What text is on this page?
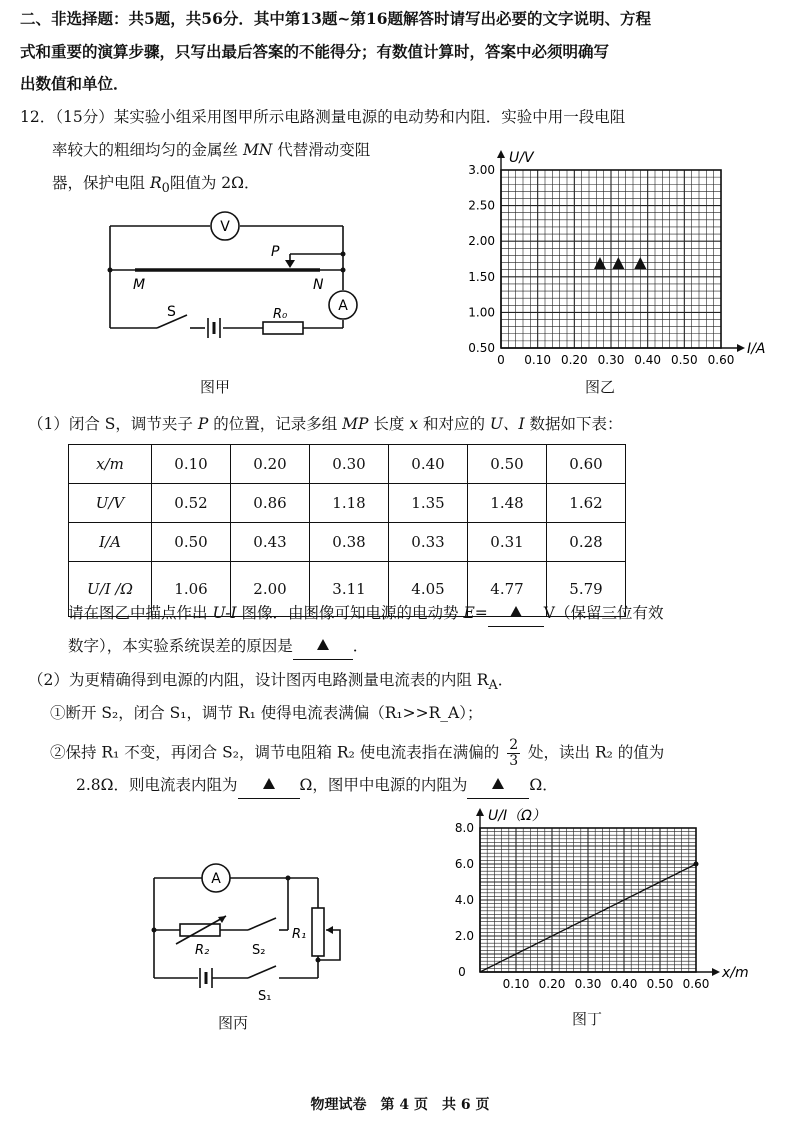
二、非选择题：共5题，共56分．其中第13题~第16题解答时请写出必要的文字说明、方程
式和重要的演算步骤，只写出最后答案的不能得分；有数值计算时，答案中必须明确写
出数值和单位．
12．（15分）某实验小组采用图甲所示电路测量电源的电动势和内阻．实验中用一段电阻
率较大的粗细均匀的金属丝 MN 代替滑动变阻
器，保护电阻 $R_0$阻值为 2Ω．
V
A
P
M	N
S	R₀
U/V
I/A
0 0.10 0.20 0.30 0.40 0.50 0.60
0.50
1.00
1.50
2.00
2.50
3.00
图乙
图甲
（1）闭合 S，调节夹子 P 的位置，记录多组 MP 长度 x 和对应的 U、I 数据如下表：
x/m	0.10	0.20	0.30	0.40	0.50	0.60
U/V	0.52	0.86	1.18	1.35	1.48	1.62
I/A	0.50	0.43	0.38	0.33	0.31	0.28
U/I /Ω	1.06	2.00	3.11	4.05	4.77	5.79
请在图乙中描点作出 U-I 图像．由图像可知电源的电动势 E=	V（保留三位有效
数字），本实验系统误差的原因是	．
（2）为更精确得到电源的内阻，设计图丙电路测量电流表的内阻 $R_A$．
①断开 S₂，闭合 S₁，调节 R₁ 使得电流表满偏（R₁>>R_A）；
②保持 R₁ 不变，再闭合 S₂，调节电阻箱 R₂ 使电流表指在满偏的 $\frac{2}{3}$ 处，读出 R₂ 的值为
2.8Ω．则电流表内阻为	Ω，图甲中电源的内阻为	Ω．
A
R₂	S₂
R₁
S₁
图丙
U/I（Ω）
x/m
0
0.10 0.20 0.30 0.40 0.50 0.60
2.0
4.0
6.0
8.0
图丁
物理试卷　第 4 页　共 6 页
